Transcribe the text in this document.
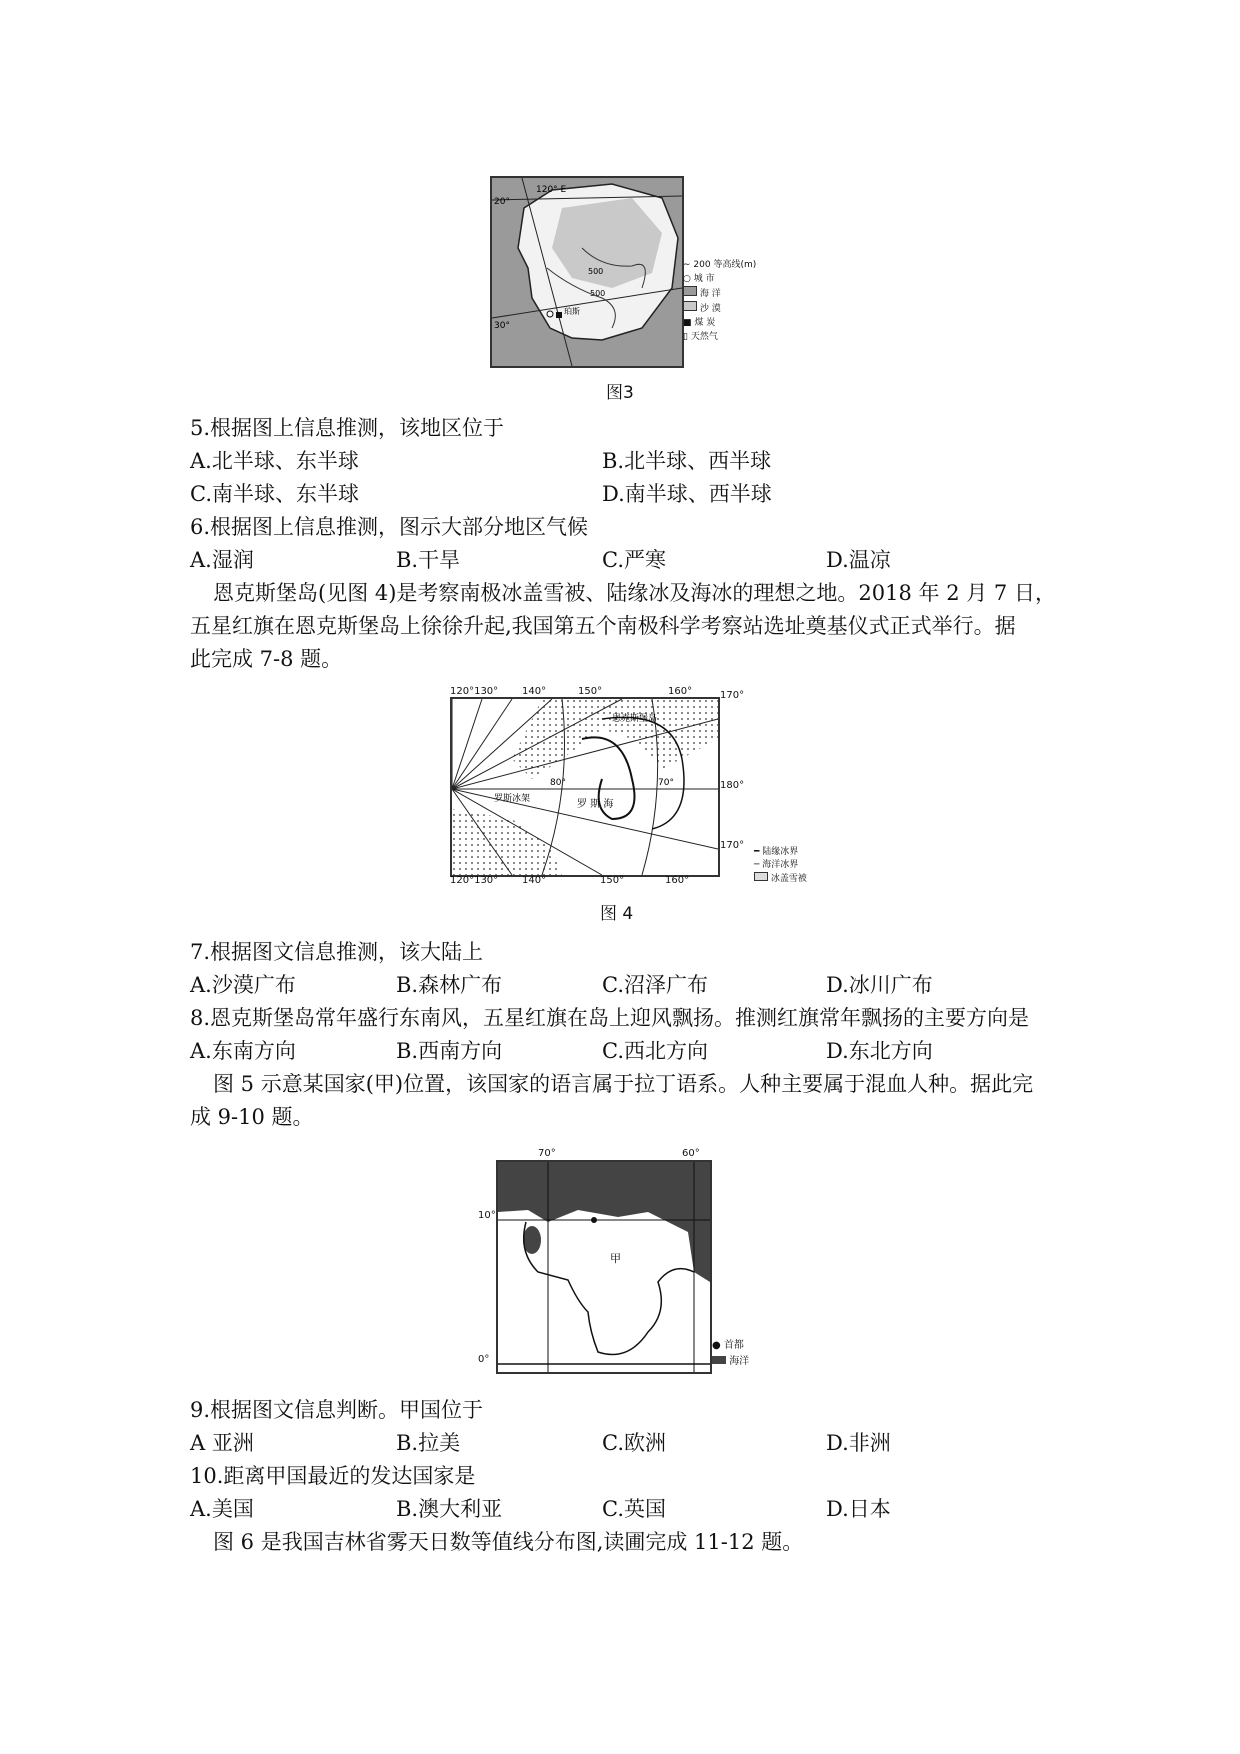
120° E
20°
30°
500
500
珀斯
∼ 200 等高线(m)
○ 城 市
海 洋
沙 漠
■ 煤 炭
▯ 天然气
图3
5.根据图上信息推测，该地区位于
A.北半球、东半球	B.北半球、西半球
C.南半球、东半球	D.南半球、西半球
6.根据图上信息推测，图示大部分地区气候
A.湿润	B.干旱	C.严寒	D.温凉
恩克斯堡岛(见图 4)是考察南极冰盖雪被、陆缘冰及海冰的理想之地。2018 年 2 月 7 日，
五星红旗在恩克斯堡岛上徐徐升起,我国第五个南极科学考察站选址奠基仪式正式举行。据
此完成 7-8 题。
罗斯冰架	罗 斯 海
恩克斯堡岛
80°	70°
120°130° 140°	150°	160°
120°130° 140°	150°	160°
170°
180°
170°
━ 陆缘冰界
─ 海洋冰界
冰盖雪被
图 4
7.根据图文信息推测，该大陆上
A.沙漠广布	B.森林广布	C.沼泽广布	D.冰川广布
8.恩克斯堡岛常年盛行东南风，五星红旗在岛上迎风飘扬。推测红旗常年飘扬的主要方向是
A.东南方向	B.西南方向	C.西北方向	D.东北方向
图 5 示意某国家(甲)位置，该国家的语言属于拉丁语系。人种主要属于混血人种。据此完
成 9-10 题。
甲
70°	60°
10°
0°
● 首都
海洋
9.根据图文信息判断。甲国位于
A 亚洲	B.拉美	C.欧洲	D.非洲
10.距离甲国最近的发达国家是
A.美国	B.澳大利亚	C.英国	D.日本
图 6 是我国吉林省雾天日数等值线分布图,读圃完成 11-12 题。
